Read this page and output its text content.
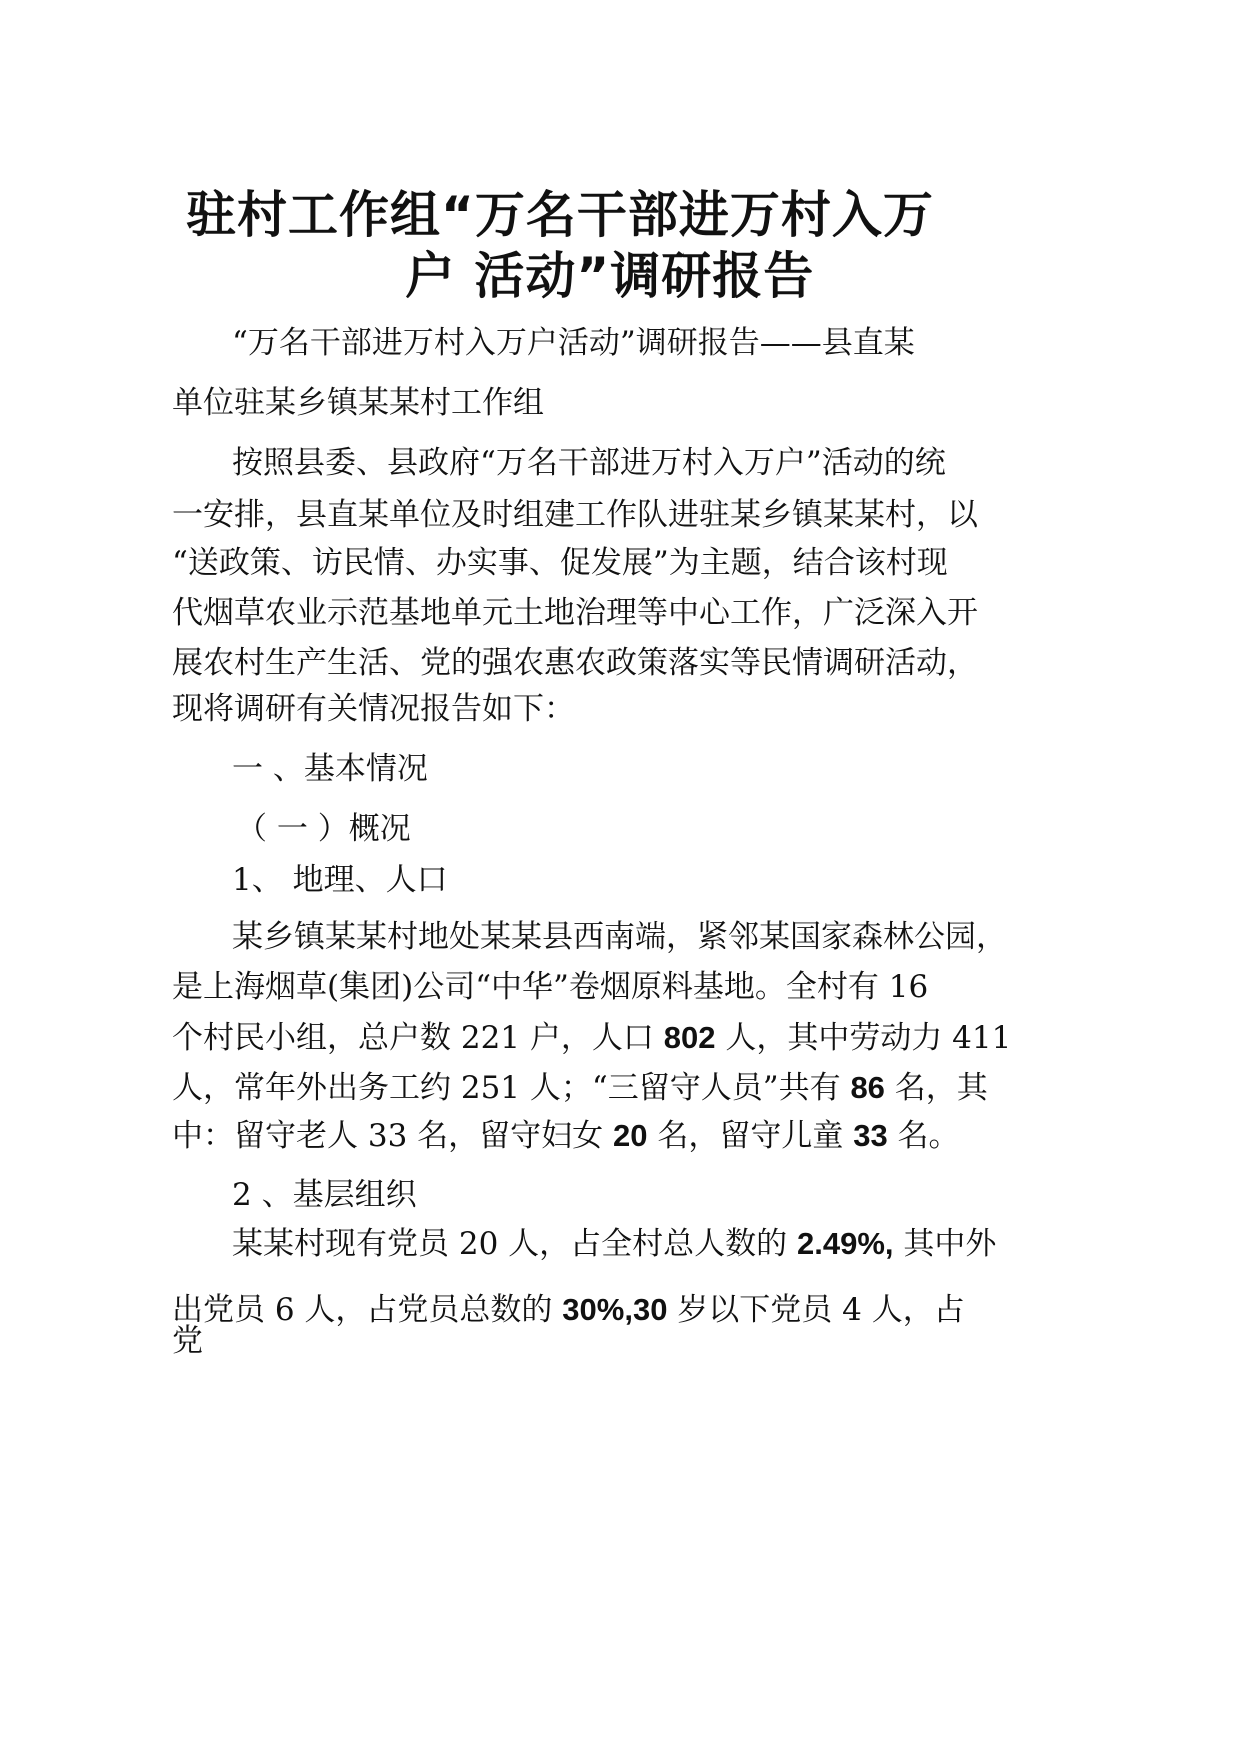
驻村工作组“万名干部进万村入万
户 活动”调研报告
“万名干部进万村入万户活动”调研报告——县直某
单位驻某乡镇某某村工作组
按照县委、县政府“万名干部进万村入万户”活动的统
一安排，县直某单位及时组建工作队进驻某乡镇某某村，以
“送政策、访民情、办实事、促发展”为主题，结合该村现
代烟草农业示范基地单元土地治理等中心工作，广泛深入开
展农村生产生活、党的强农惠农政策落实等民情调研活动，
现将调研有关情况报告如下：
一 、基本情况
（ 一 ）概况
1、 地理、人口
某乡镇某某村地处某某县西南端，紧邻某国家森林公园，
是上海烟草(集团)公司“中华”卷烟原料基地。全村有 16
个村民小组，总户数 221 户，人口 802 人，其中劳动力 411
人，常年外出务工约 251 人；“三留守人员”共有 86 名，其
中：留守老人 33 名，留守妇女 20 名，留守儿童 33 名。
2 、基层组织
某某村现有党员 20 人，占全村总人数的 2.49%, 其中外
出党员 6 人，占党员总数的 30%,30 岁以下党员 4 人，占
党
